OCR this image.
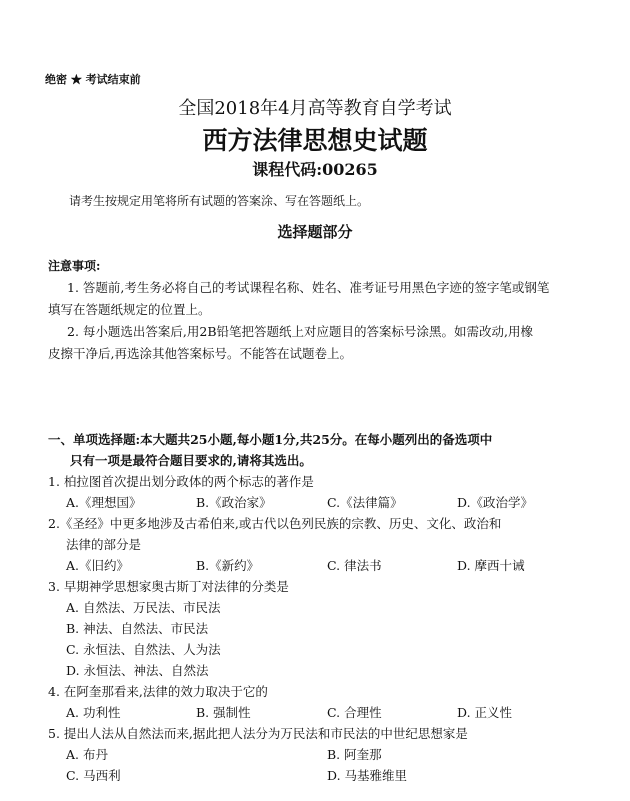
绝密 ★ 考试结束前
全国2018年4月高等教育自学考试
西方法律思想史试题
课程代码:00265
请考生按规定用笔将所有试题的答案涂、写在答题纸上。
选择题部分
注意事项:
1. 答题前,考生务必将自己的考试课程名称、姓名、准考证号用黑色字迹的签字笔或钢笔
填写在答题纸规定的位置上。
2. 每小题选出答案后,用2B铅笔把答题纸上对应题目的答案标号涂黑。如需改动,用橡
皮擦干净后,再选涂其他答案标号。不能答在试题卷上。
一、单项选择题:本大题共25小题,每小题1分,共25分。在每小题列出的备选项中
只有一项是最符合题目要求的,请将其选出。
1. 柏拉图首次提出划分政体的两个标志的著作是
A.《理想国》	B.《政治家》	C.《法律篇》	D.《政治学》
2.《圣经》中更多地涉及古希伯来,或古代以色列民族的宗教、历史、文化、政治和
法律的部分是
A.《旧约》	B.《新约》	C. 律法书	D. 摩西十诫
3. 早期神学思想家奥古斯丁对法律的分类是
A. 自然法、万民法、市民法
B. 神法、自然法、市民法
C. 永恒法、自然法、人为法
D. 永恒法、神法、自然法
4. 在阿奎那看来,法律的效力取决于它的
A. 功利性	B. 强制性	C. 合理性	D. 正义性
5. 提出人法从自然法而来,据此把人法分为万民法和市民法的中世纪思想家是
A. 布丹	B. 阿奎那
C. 马西利	D. 马基雅维里
